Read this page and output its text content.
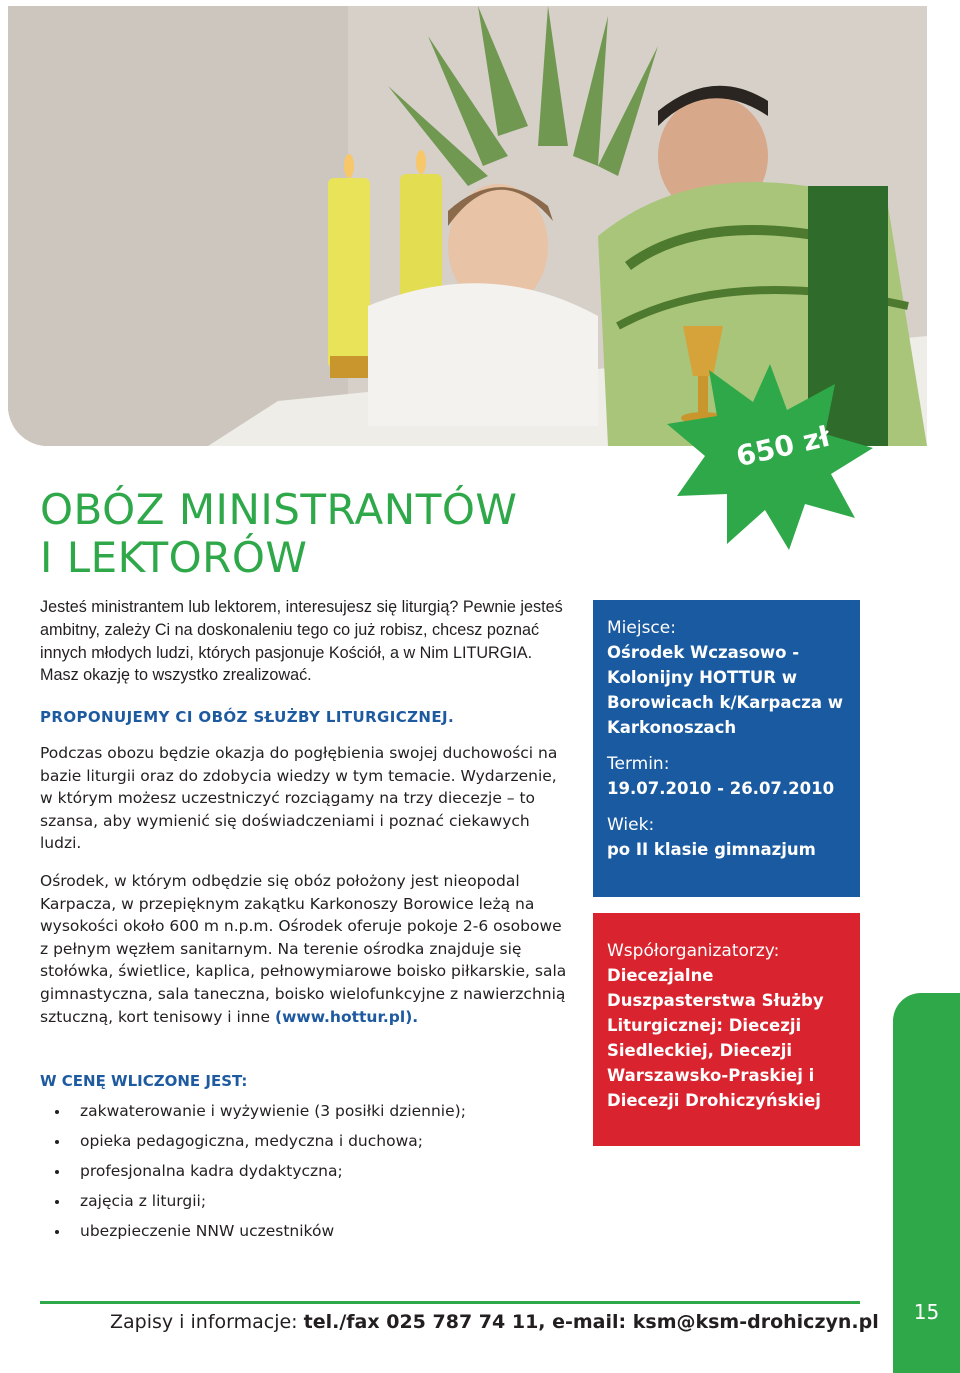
650 zł
OBÓZ MINISTRANTÓW
I LEKTORÓW

Jesteś ministrantem lub lektorem, interesujesz się liturgią? Pewnie jesteś ambitny, zależy Ci na doskonaleniu tego co już robisz, chcesz poznać innych młodych ludzi, których pasjonuje Kościół, a w Nim LITURGIA. Masz okazję to wszystko zrealizować.

PROPONUJEMY CI OBÓZ SŁUŻBY LITURGICZNEJ.

Podczas obozu będzie okazja do pogłębienia swojej duchowości na bazie liturgii oraz do zdobycia wiedzy w tym temacie. Wydarzenie, w którym możesz uczestniczyć rozciągamy na trzy diecezje – to szansa, aby wymienić się doświadczeniami i poznać ciekawych ludzi.

Ośrodek, w którym odbędzie się obóz położony jest nieopodal Karpacza, w przepięknym zakątku Karkonoszy Borowice leżą na wysokości około 600 m n.p.m. Ośrodek oferuje pokoje 2-6 osobowe z pełnym węzłem sanitarnym. Na terenie ośrodka znajduje się stołówka, świetlice, kaplica, pełnowymiarowe boisko piłkarskie, sala gimnastyczna, sala taneczna, boisko wielofunkcyjne z nawierzchnią sztuczną, kort tenisowy i inne (www.hottur.pl).

W CENĘ WLICZONE JEST:

zakwaterowanie i wyżywienie (3 posiłki dziennie);
opieka pedagogiczna, medyczna i duchowa;
profesjonalna kadra dydaktyczna;
zajęcia z liturgii;
ubezpieczenie NNW uczestników
Miejsce:
Ośrodek Wczasowo - Kolonijny HOTTUR w Borowicach k/Karpacza w Karkonoszach
Termin:
19.07.2010 - 26.07.2010
Wiek:
po II klasie gimnazjum
Współorganizatorzy:
Diecezjalne Duszpasterstwa Służby Liturgicznej: Diecezji Siedleckiej, Diecezji Warszawsko-Praskiej i Diecezji Drohiczyńskiej
15

Zapisy i informacje: tel./fax 025 787 74 11, e-mail: ksm@ksm-drohiczyn.pl
